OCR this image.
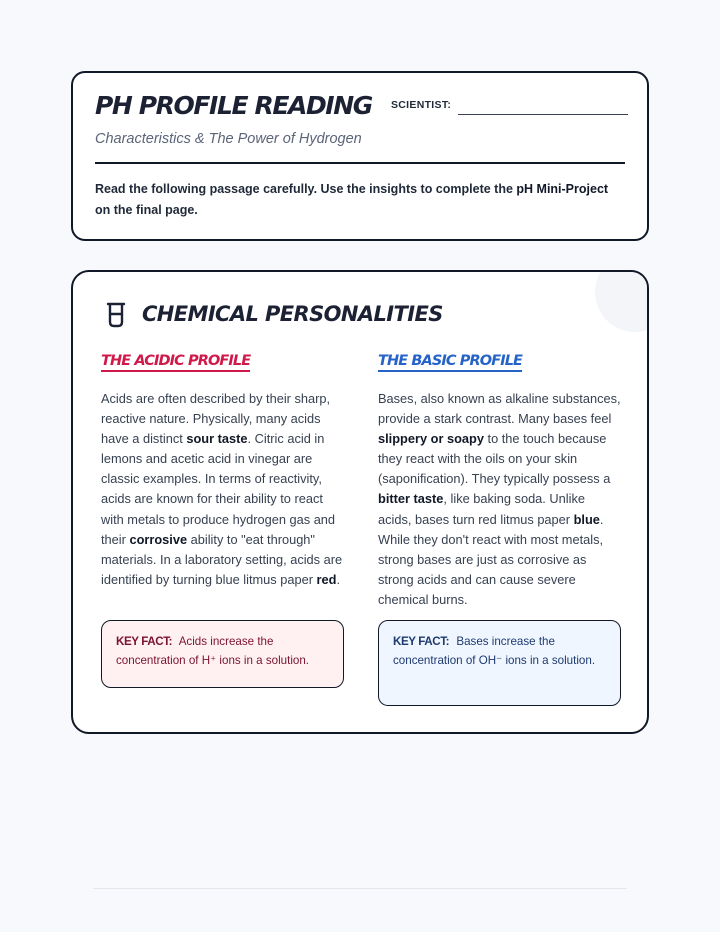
PH PROFILE READING SCIENTIST:
Characteristics & The Power of Hydrogen

Read the following passage carefully. Use the insights to complete the pH Mini-Project on the final page.

CHEMICAL PERSONALITIES
THE ACIDIC PROFILE

Acids are often described by their sharp, reactive nature. Physically, many acids have a distinct sour taste. Citric acid in lemons and acetic acid in vinegar are classic examples. In terms of reactivity, acids are known for their ability to react with metals to produce hydrogen gas and their corrosive ability to "eat through" materials. In a laboratory setting, acids are identified by turning blue litmus paper red.

THE BASIC PROFILE

Bases, also known as alkaline substances, provide a stark contrast. Many bases feel slippery or soapy to the touch because they react with the oils on your skin (saponification). They typically possess a bitter taste, like baking soda. Unlike acids, bases turn red litmus paper blue. While they don't react with most metals, strong bases are just as corrosive as strong acids and can cause severe chemical burns.

KEY FACT: Acids increase the concentration of H⁺ ions in a solution.
KEY FACT: Bases increase the concentration of OH⁻ ions in a solution.
